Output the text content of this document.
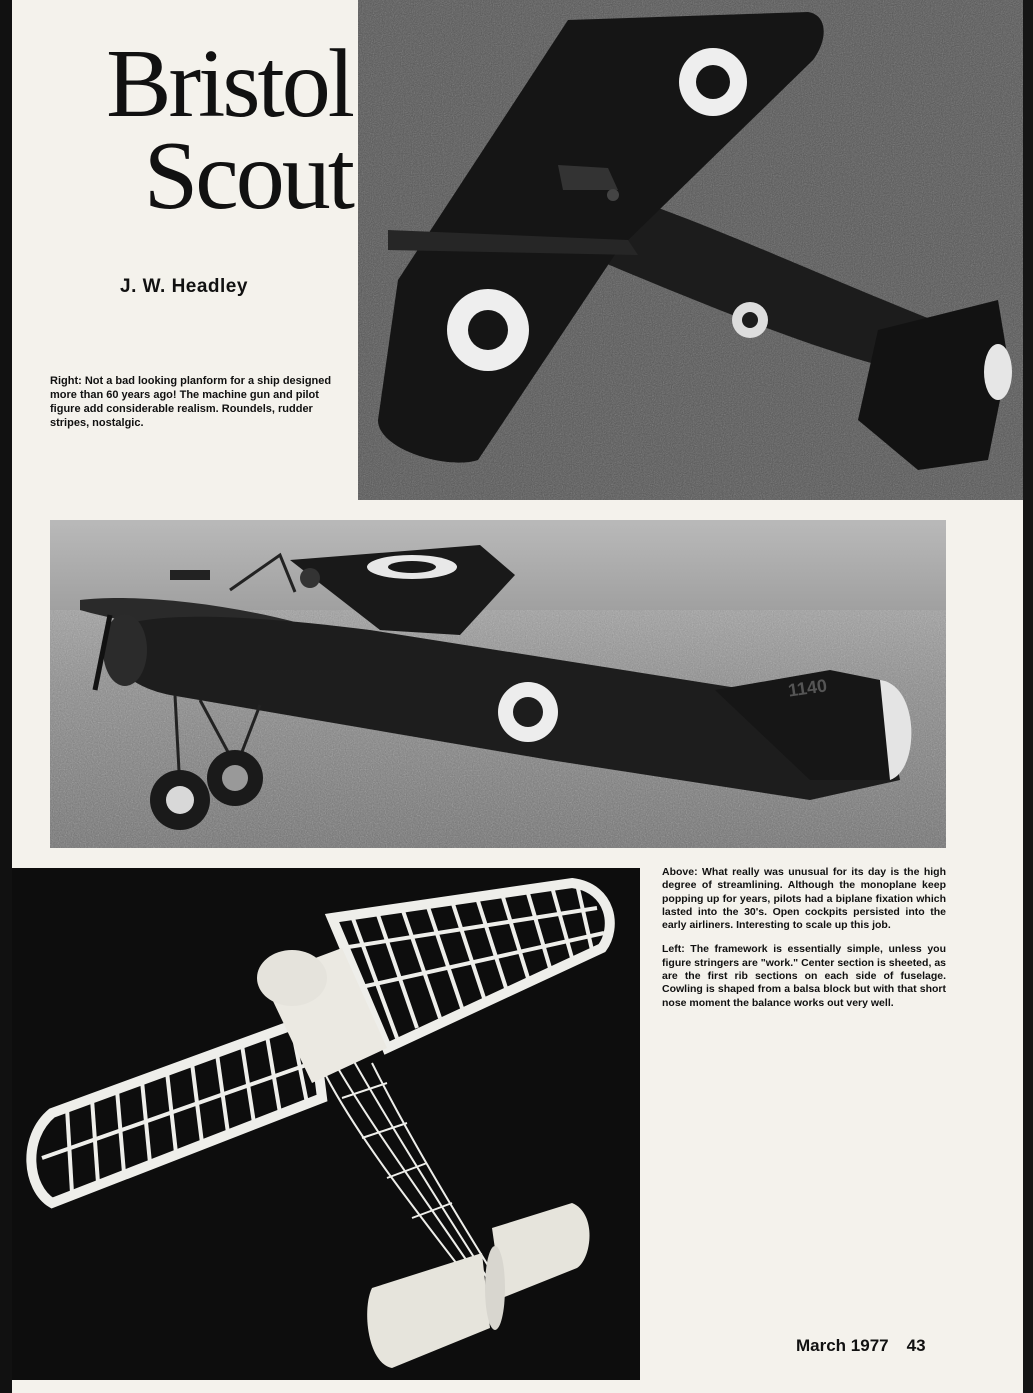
Bristol
Scout
J. W. Headley
Right: Not a bad looking planform for a ship designed more than 60 years ago! The machine gun and pilot figure add considerable realism. Roundels, rudder stripes, nostalgic.
1140

Above: What really was unusual for its day is the high degree of streamlining. Although the monoplane keep popping up for years, pilots had a biplane fixation which lasted into the 30's. Open cockpits persisted into the early airliners. Interesting to scale up this job.

Left: The framework is essentially simple, unless you figure stringers are "work." Center section is sheeted, as are the first rib sections on each side of fuselage. Cowling is shaped from a balsa block but with that short nose moment the balance works out very well.

March 1977 43
